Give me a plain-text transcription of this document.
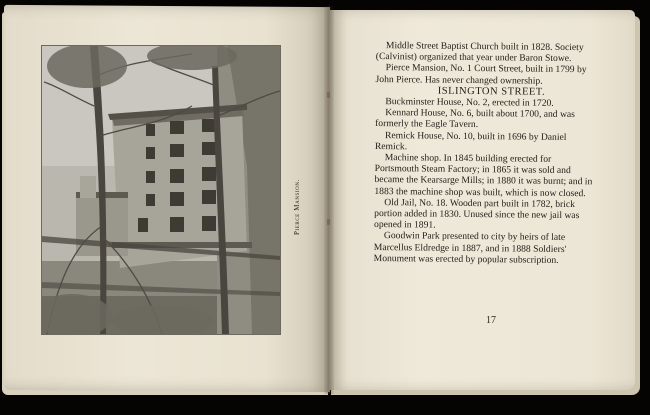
Pierce Mansion.

Middle Street Baptist Church built in 1828. Society (Calvinist) organized that year under Baron Stowe.

Pierce Mansion, No. 1 Court Street, built in 1799 by John Pierce. Has never changed ownership.

ISLINGTON STREET.

Buckminster House, No. 2, erected in 1720.

Kennard House, No. 6, built about 1700, and was formerly the Eagle Tavern.

Remick House, No. 10, built in 1696 by Daniel Remick.

Machine shop. In 1845 building erected for Portsmouth Steam Factory; in 1865 it was sold and became the Kearsarge Mills; in 1880 it was burnt; and in 1883 the machine shop was built, which is now closed.

Old Jail, No. 18. Wooden part built in 1782, brick portion added in 1830. Unused since the new jail was opened in 1891.

Goodwin Park presented to city by heirs of late Marcellus Eldredge in 1887, and in 1888 Soldiers' Monument was erected by popular subscription.

17
